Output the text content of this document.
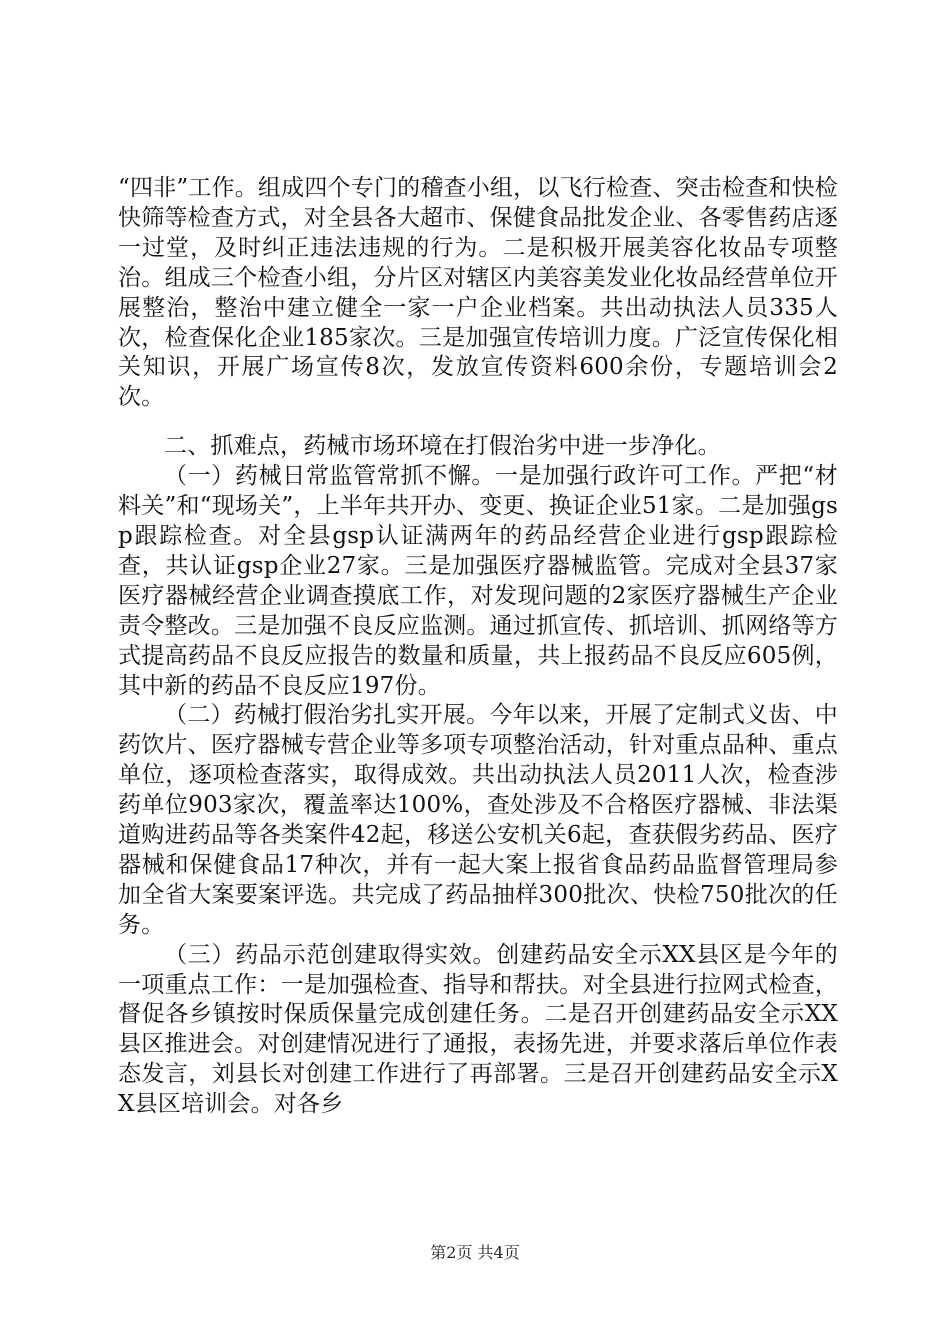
“四非”工作。组成四个专门的稽查小组，以飞行检查、突击检查和快检快筛等检查方式，对全县各大超市、保健食品批发企业、各零售药店逐一过堂，及时纠正违法违规的行为。二是积极开展美容化妆品专项整治。组成三个检查小组，分片区对辖区内美容美发业化妆品经营单位开展整治，整治中建立健全一家一户企业档案。共出动执法人员335人次，检查保化企业185家次。三是加强宣传培训力度。广泛宣传保化相关知识，开展广场宣传8次，发放宣传资料600余份，专题培训会2次。

二、抓难点，药械市场环境在打假治劣中进一步净化。

（一）药械日常监管常抓不懈。一是加强行政许可工作。严把“材料关”和“现场关”，上半年共开办、变更、换证企业51家。二是加强gsp跟踪检查。对全县gsp认证满两年的药品经营企业进行gsp跟踪检查，共认证gsp企业27家。三是加强医疗器械监管。完成对全县37家医疗器械经营企业调查摸底工作，对发现问题的2家医疗器械生产企业责令整改。三是加强不良反应监测。通过抓宣传、抓培训、抓网络等方式提高药品不良反应报告的数量和质量，共上报药品不良反应605例，其中新的药品不良反应197份。

（二）药械打假治劣扎实开展。今年以来，开展了定制式义齿、中药饮片、医疗器械专营企业等多项专项整治活动，针对重点品种、重点单位，逐项检查落实，取得成效。共出动执法人员2011人次，检查涉药单位903家次，覆盖率达100%，查处涉及不合格医疗器械、非法渠道购进药品等各类案件42起，移送公安机关6起，查获假劣药品、医疗器械和保健食品17种次，并有一起大案上报省食品药品监督管理局参加全省大案要案评选。共完成了药品抽样300批次、快检750批次的任务。

（三）药品示范创建取得实效。创建药品安全示XX县区是今年的一项重点工作：一是加强检查、指导和帮扶。对全县进行拉网式检查，督促各乡镇按时保质保量完成创建任务。二是召开创建药品安全示XX县区推进会。对创建情况进行了通报，表扬先进，并要求落后单位作表态发言，刘县长对创建工作进行了再部署。三是召开创建药品安全示XX县区培训会。对各乡

第2页 共4页
